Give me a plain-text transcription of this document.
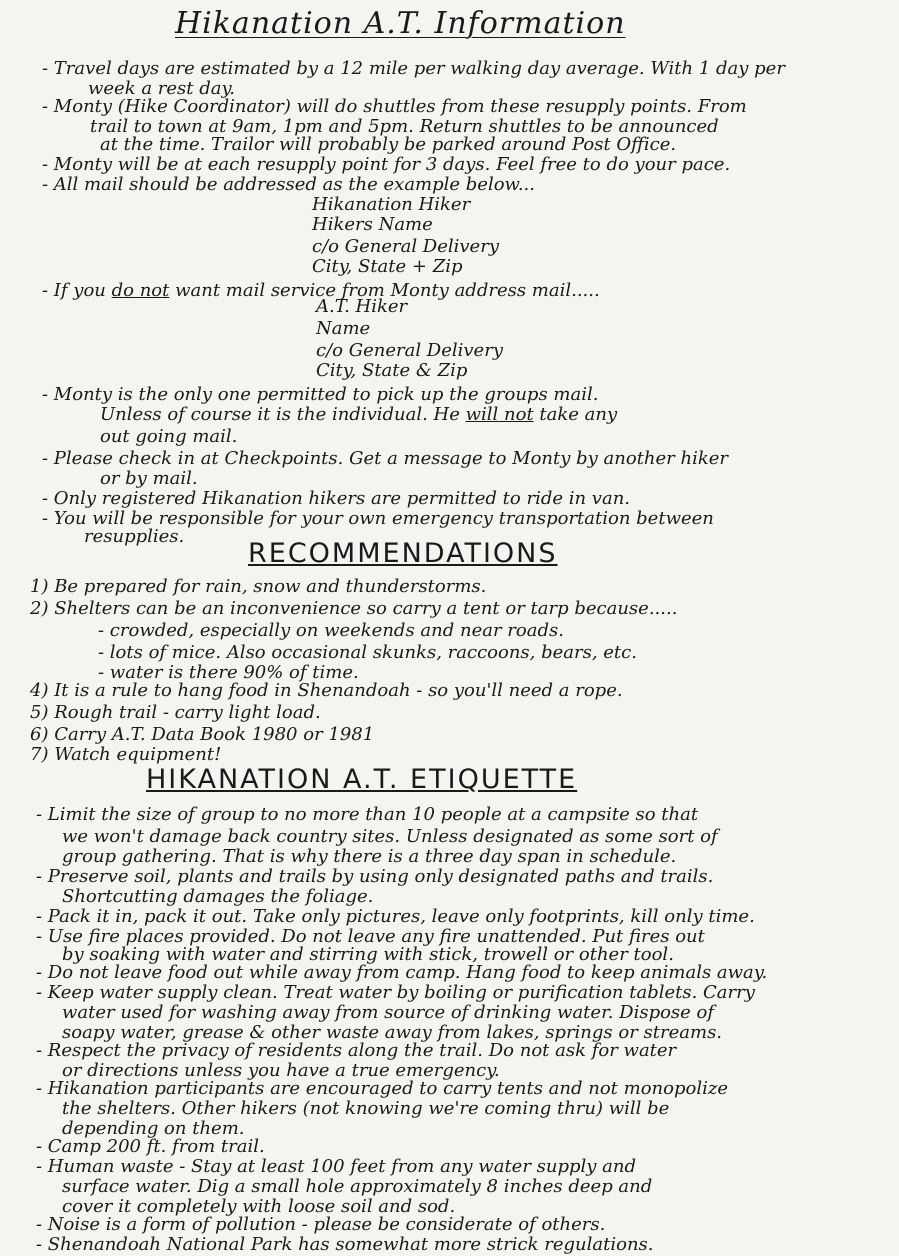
Hikanation A.T. Information
- Travel days are estimated by a 12 mile per walking day average. With 1 day per
week a rest day.
- Monty (Hike Coordinator) will do shuttles from these resupply points. From
trail to town at 9am, 1pm and 5pm. Return shuttles to be announced
at the time. Trailor will probably be parked around Post Office.
- Monty will be at each resupply point for 3 days. Feel free to do your pace.
- All mail should be addressed as the example below...
Hikanation Hiker
Hikers Name
c/o General Delivery
City, State + Zip
- If you do not want mail service from Monty address mail.....
A.T. Hiker
Name
c/o General Delivery
City, State & Zip
- Monty is the only one permitted to pick up the groups mail.
Unless of course it is the individual. He will not take any
out going mail.
- Please check in at Checkpoints. Get a message to Monty by another hiker
or by mail.
- Only registered Hikanation hikers are permitted to ride in van.
- You will be responsible for your own emergency transportation between
resupplies.
RECOMMENDATIONS
1) Be prepared for rain, snow and thunderstorms.
2) Shelters can be an inconvenience so carry a tent or tarp because.....
- crowded, especially on weekends and near roads.
- lots of mice. Also occasional skunks, raccoons, bears, etc.
- water is there 90% of time.
4) It is a rule to hang food in Shenandoah - so you'll need a rope.
5) Rough trail - carry light load.
6) Carry A.T. Data Book 1980 or 1981
7) Watch equipment!
HIKANATION A.T. ETIQUETTE
- Limit the size of group to no more than 10 people at a campsite so that
we won't damage back country sites. Unless designated as some sort of
group gathering. That is why there is a three day span in schedule.
- Preserve soil, plants and trails by using only designated paths and trails.
Shortcutting damages the foliage.
- Pack it in, pack it out. Take only pictures, leave only footprints, kill only time.
- Use fire places provided. Do not leave any fire unattended. Put fires out
by soaking with water and stirring with stick, trowell or other tool.
- Do not leave food out while away from camp. Hang food to keep animals away.
- Keep water supply clean. Treat water by boiling or purification tablets. Carry
water used for washing away from source of drinking water. Dispose of
soapy water, grease & other waste away from lakes, springs or streams.
- Respect the privacy of residents along the trail. Do not ask for water
or directions unless you have a true emergency.
- Hikanation participants are encouraged to carry tents and not monopolize
the shelters. Other hikers (not knowing we're coming thru) will be
depending on them.
- Camp 200 ft. from trail.
- Human waste - Stay at least 100 feet from any water supply and
surface water. Dig a small hole approximately 8 inches deep and
cover it completely with loose soil and sod.
- Noise is a form of pollution - please be considerate of others.
- Shenandoah National Park has somewhat more strick regulations.
